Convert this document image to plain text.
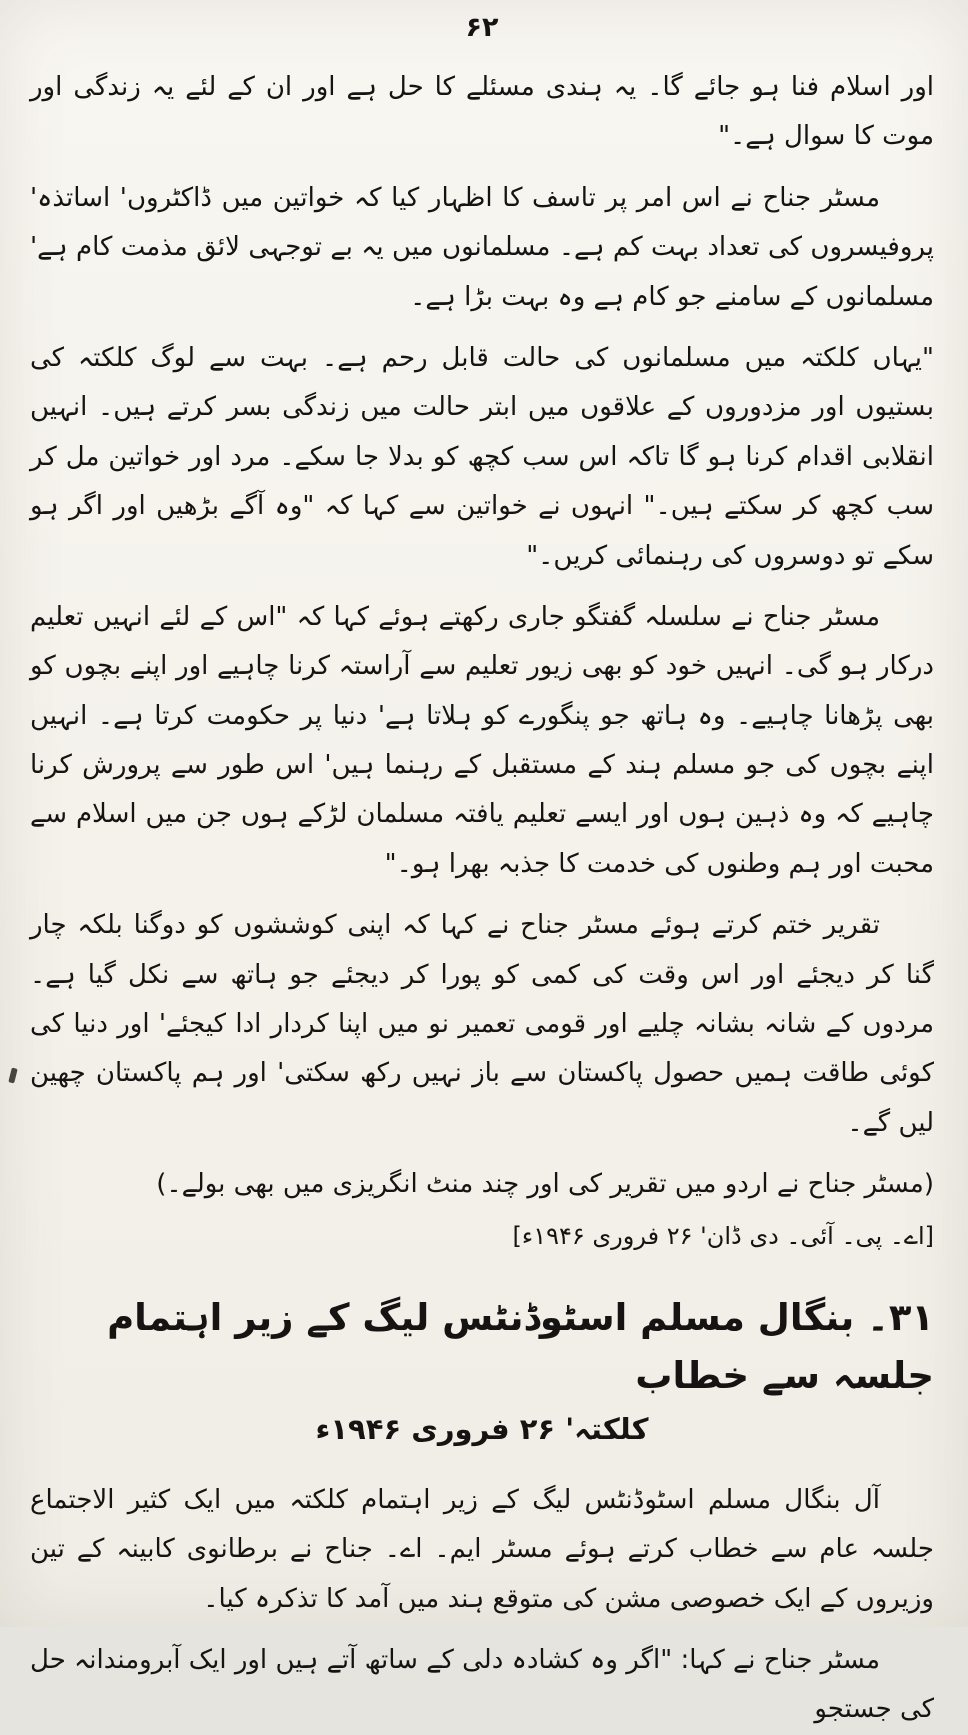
۶۲

اور اسلام فنا ہو جائے گا۔ یہ ہندی مسئلے کا حل ہے اور ان کے لئے یہ زندگی اور موت کا سوال ہے۔"

مسٹر جناح نے اس امر پر تاسف کا اظہار کیا کہ خواتین میں ڈاکٹروں' اساتذہ' پروفیسروں کی تعداد بہت کم ہے۔ مسلمانوں میں یہ بے توجہی لائق مذمت کام ہے' مسلمانوں کے سامنے جو کام ہے وہ بہت بڑا ہے۔

"یہاں کلکتہ میں مسلمانوں کی حالت قابل رحم ہے۔ بہت سے لوگ کلکتہ کی بستیوں اور مزدوروں کے علاقوں میں ابتر حالت میں زندگی بسر کرتے ہیں۔ انہیں انقلابی اقدام کرنا ہو گا تاکہ اس سب کچھ کو بدلا جا سکے۔ مرد اور خواتین مل کر سب کچھ کر سکتے ہیں۔" انہوں نے خواتین سے کہا کہ "وہ آگے بڑھیں اور اگر ہو سکے تو دوسروں کی رہنمائی کریں۔"

مسٹر جناح نے سلسلہ گفتگو جاری رکھتے ہوئے کہا کہ "اس کے لئے انہیں تعلیم درکار ہو گی۔ انہیں خود کو بھی زیور تعلیم سے آراستہ کرنا چاہیے اور اپنے بچوں کو بھی پڑھانا چاہیے۔ وہ ہاتھ جو پنگورے کو ہلاتا ہے' دنیا پر حکومت کرتا ہے۔ انہیں اپنے بچوں کی جو مسلم ہند کے مستقبل کے رہنما ہیں' اس طور سے پرورش کرنا چاہیے کہ وہ ذہین ہوں اور ایسے تعلیم یافتہ مسلمان لڑکے ہوں جن میں اسلام سے محبت اور ہم وطنوں کی خدمت کا جذبہ بھرا ہو۔"

تقریر ختم کرتے ہوئے مسٹر جناح نے کہا کہ اپنی کوششوں کو دوگنا بلکہ چار گنا کر دیجئے اور اس وقت کی کمی کو پورا کر دیجئے جو ہاتھ سے نکل گیا ہے۔ مردوں کے شانہ بشانہ چلیے اور قومی تعمیر نو میں اپنا کردار ادا کیجئے' اور دنیا کی کوئی طاقت ہمیں حصول پاکستان سے باز نہیں رکھ سکتی' اور ہم پاکستان چھین لیں گے۔

(مسٹر جناح نے اردو میں تقریر کی اور چند منٹ انگریزی میں بھی بولے۔)

[اے۔ پی۔ آئی۔ دی ڈان' ۲۶ فروری ۱۹۴۶ء]

۳۱۔ بنگال مسلم اسٹوڈنٹس لیگ کے زیر اہتمام جلسہ سے خطاب
کلکتہ' ۲۶ فروری ۱۹۴۶ء

آل بنگال مسلم اسٹوڈنٹس لیگ کے زیر اہتمام کلکتہ میں ایک کثیر الاجتماع جلسہ عام سے خطاب کرتے ہوئے مسٹر ایم۔ اے۔ جناح نے برطانوی کابینہ کے تین وزیروں کے ایک خصوصی مشن کی متوقع ہند میں آمد کا تذکرہ کیا۔

مسٹر جناح نے کہا: "اگر وہ کشادہ دلی کے ساتھ آتے ہیں اور ایک آبرومندانہ حل کی جستجو
